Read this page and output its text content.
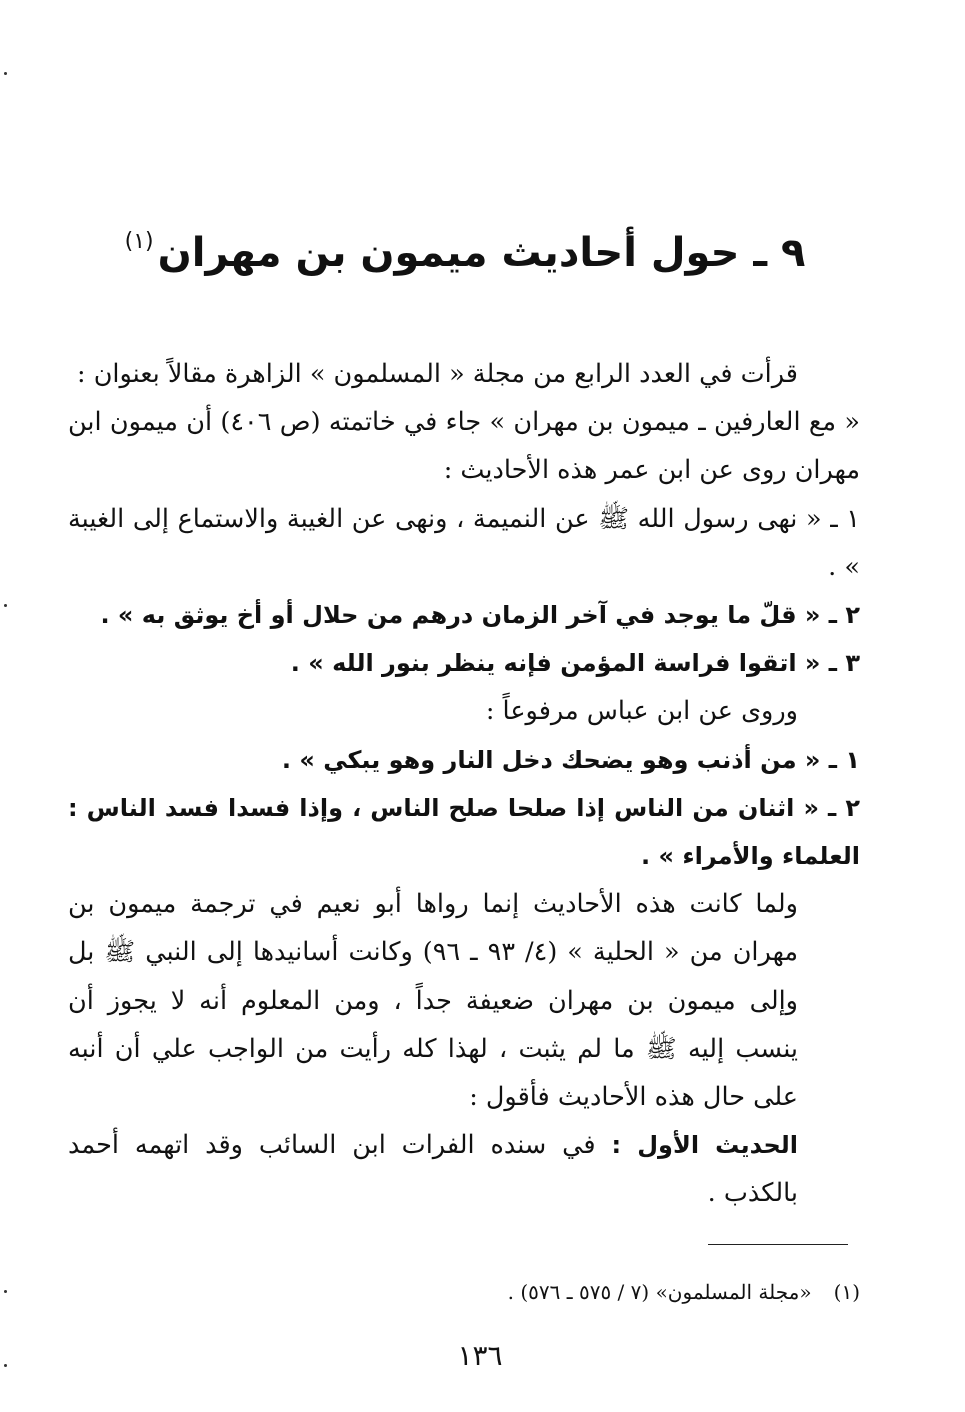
٩ ـ حول أحاديث ميمون بن مهران$^{(١)}$

قرأت في العدد الرابع من مجلة « المسلمون » الزاهرة مقالاً بعنوان :

« مع العارفين ـ ميمون بن مهران » جاء في خاتمته (ص ٤٠٦) أن ميمون ابن مهران روى عن ابن عمر هذه الأحاديث :

١ ـ « نهى رسول الله ﷺ عن النميمة ، ونهى عن الغيبة والاستماع إلى الغيبة » .

٢ ـ « قلّ ما يوجد في آخر الزمان درهم من حلال أو أخ يوثق به » .

٣ ـ « اتقوا فراسة المؤمن فإنه ينظر بنور الله » .

وروى عن ابن عباس مرفوعاً :

١ ـ « من أذنب وهو يضحك دخل النار وهو يبكي » .

٢ ـ « اثنان من الناس إذا صلحا صلح الناس ، وإذا فسدا فسد الناس : العلماء والأمراء » .

ولما كانت هذه الأحاديث إنما رواها أبو نعيم في ترجمة ميمون بن مهران من « الحلية » (٤/ ٩٣ ـ ٩٦) وكانت أسانيدها إلى النبي ﷺ بل وإلى ميمون بن مهران ضعيفة جداً ، ومن المعلوم أنه لا يجوز أن ينسب إليه ﷺ ما لم يثبت ، لهذا كله رأيت من الواجب علي أن أنبه على حال هذه الأحاديث فأقول :

الحديث الأول : في سنده الفرات ابن السائب وقد اتهمه أحمد بالكذب .

(١)«مجلة المسلمون» (٧ / ٥٧٥ ـ ٥٧٦) .
١٣٦
